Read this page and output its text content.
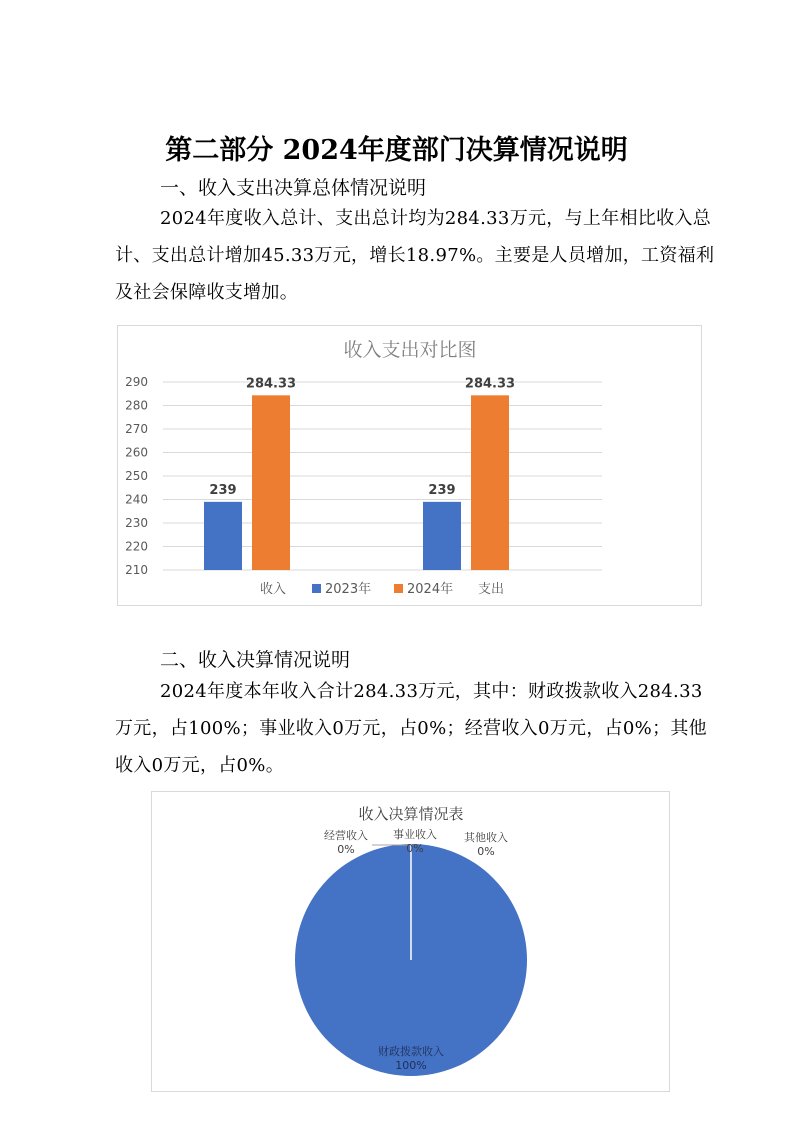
第二部分 2024年度部门决算情况说明
一、收入支出决算总体情况说明

2024年度收入总计、支出总计均为284.33万元，与上年相比收入总计、支出总计增加45.33万元，增长18.97%。主要是人员增加，工资福利及社会保障收支增加。

收入支出对比图
210
220
230
240
250
260
270
280
290
239
284.33
239
284.33
收入	2023年	2024年 支出
二、收入决算情况说明

2024年度本年收入合计284.33万元，其中：财政拨款收入284.33万元，占100%；事业收入0万元，占0%；经营收入0万元，占0%；其他收入0万元，占0%。

收入决算情况表
经营收入
0%
事业收入
0%
其他收入
0%
财政拨款收入
100%
